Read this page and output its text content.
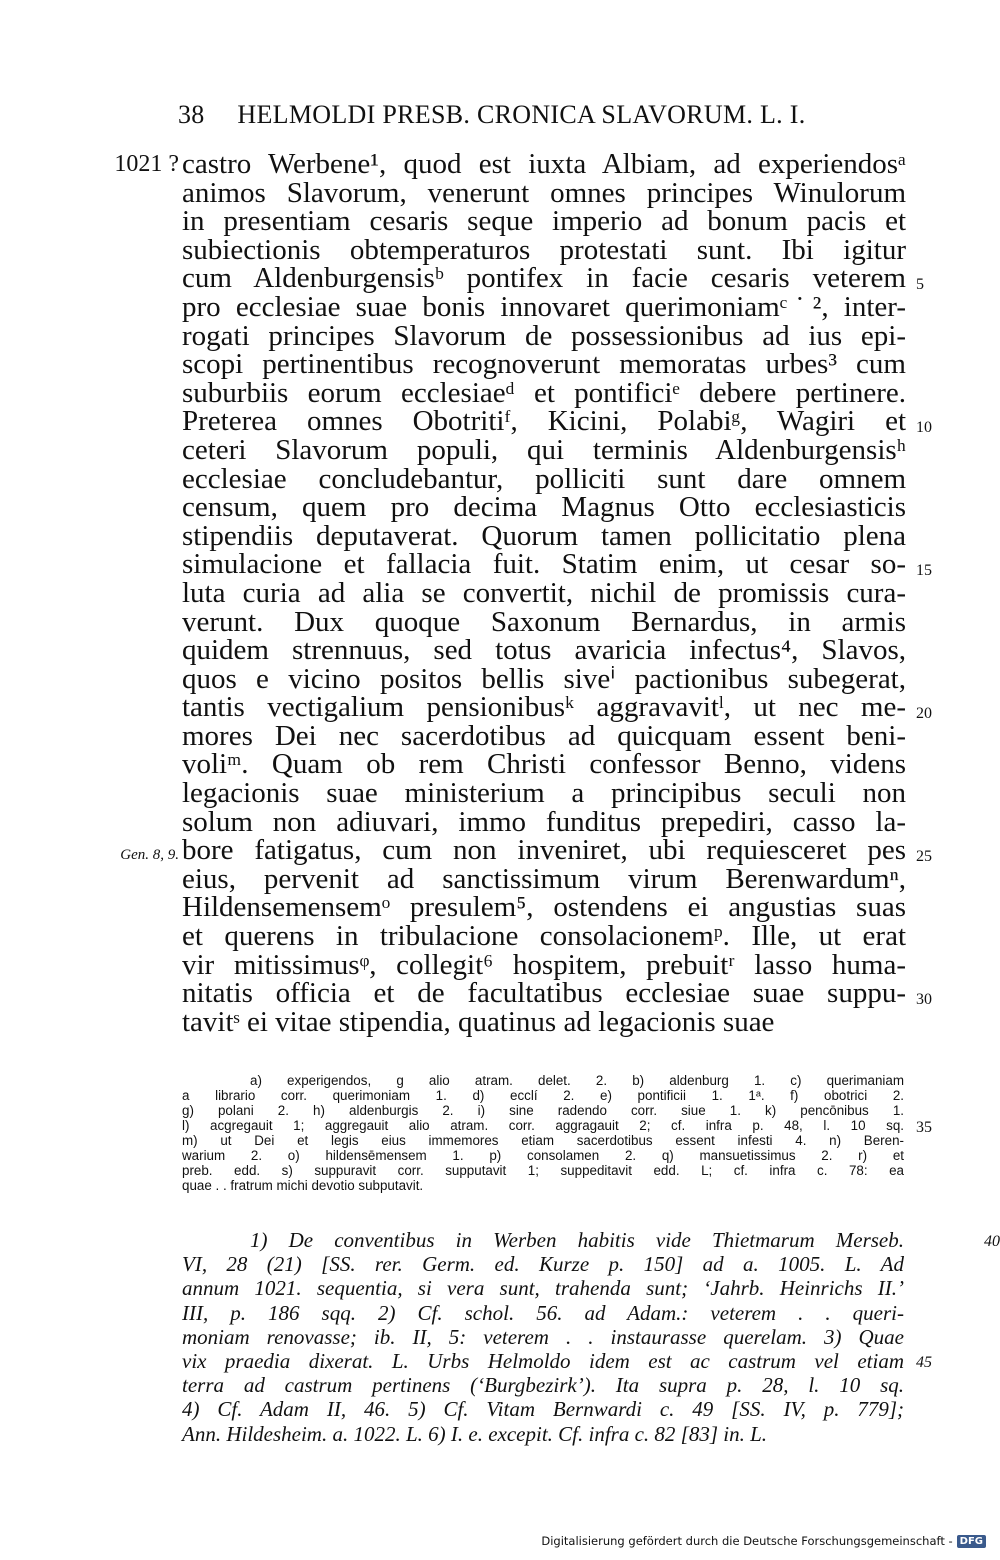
38 HELMOLDI PRESB. CRONICA SLAVORUM. L. I.
castro Werbene¹, quod est iuxta Albiam, ad experiendosᵃ
1021 ?
animos Slavorum, venerunt omnes principes Winulorum
in presentiam cesaris seque imperio ad bonum pacis et
subiectionis obtemperaturos protestati sunt. Ibi igitur
cum Aldenburgensisᵇ pontifex in facie cesaris veterem 5
pro ecclesiae suae bonis innovaret querimoniamᶜ˙², inter-
rogati principes Slavorum de possessionibus ad ius epi-
scopi pertinentibus recognoverunt memoratas urbes³ cum
suburbiis eorum ecclesiaeᵈ et pontificiᵉ debere pertinere.
Preterea omnes Obotritiᶠ, Kicini, Polabiᵍ, Wagiri et 10
ceteri Slavorum populi, qui terminis Aldenburgensisʰ
ecclesiae concludebantur, polliciti sunt dare omnem
censum, quem pro decima Magnus Otto ecclesiasticis
stipendiis deputaverat. Quorum tamen pollicitatio plena
simulacione et fallacia fuit. Statim enim, ut cesar so- 15
luta curia ad alia se convertit, nichil de promissis cura-
verunt. Dux quoque Saxonum Bernardus, in armis
quidem strennuus, sed totus avaricia infectus⁴, Slavos,
quos e vicino positos bellis siveⁱ pactionibus subegerat,
tantis vectigalium pensionibusᵏ aggravavitˡ, ut nec me- 20
mores Dei nec sacerdotibus ad quicquam essent beni-
voliᵐ. Quam ob rem Christi confessor Benno, videns
legacionis suae ministerium a principibus seculi non
solum non adiuvari, immo funditus prepediri, casso la-
bore fatigatus, cum non inveniret, ubi requiesceret pes
Gen. 8, 9.	25
eius, pervenit ad sanctissimum virum Berenwardumⁿ,
Hildensemensemᵒ presulem⁵, ostendens ei angustias suas
et querens in tribulacione consolacionemᵖ. Ille, ut erat
vir mitissimusᵠ, collegit⁶ hospitem, prebuitʳ lasso huma-
nitatis officia et de facultatibus ecclesiae suae suppu- 30
tavitˢ ei vitae stipendia, quatinus ad legacionis suae
a) experigendos, g alio atram. delet. 2. b) aldenburg 1. c) querimaniam
a librario corr. querimoniam 1. d) ecclí 2. e) pontificii 1. 1ᵃ. f) obotrici 2.
g) polani 2. h) aldenburgis 2. i) sine radendo corr. siue 1. k) pencōnibus 1.
l) acgregauit 1; aggregauit alio atram. corr. aggragauit 2; cf. infra p. 48, l. 10 sq. 35
m) ut Dei et legis eius immemores etiam sacerdotibus essent infesti 4. n) Beren-
warium 2. o) hildensēmensem 1. p) consolamen 2. q) mansuetissimus 2. r) et
preb. edd. s) suppuravit corr. supputavit 1; suppeditavit edd. L; cf. infra c. 78: ea
quae . . fratrum michi devotio subputavit.
1) De conventibus in Werben habitis vide Thietmarum Merseb.	40
VI, 28 (21) [SS. rer. Germ. ed. Kurze p. 150] ad a. 1005. L. Ad
annum 1021. sequentia, si vera sunt, trahenda sunt; ‘Jahrb. Heinrichs II.’
III, p. 186 sqq. 2) Cf. schol. 56. ad Adam.: veterem . . queri-
moniam renovasse; ib. II, 5: veterem . . instaurasse querelam. 3) Quae
vix praedia dixerat. L. Urbs Helmoldo idem est ac castrum vel etiam 45
terra ad castrum pertinens (‘Burgbezirk’). Ita supra p. 28, l. 10 sq.
4) Cf. Adam II, 46. 5) Cf. Vitam Bernwardi c. 49 [SS. IV, p. 779];
Ann. Hildesheim. a. 1022. L. 6) I. e. excepit. Cf. infra c. 82 [83] in. L.
Digitalisierung gefördert durch die Deutsche Forschungsgemeinschaft - DFG
